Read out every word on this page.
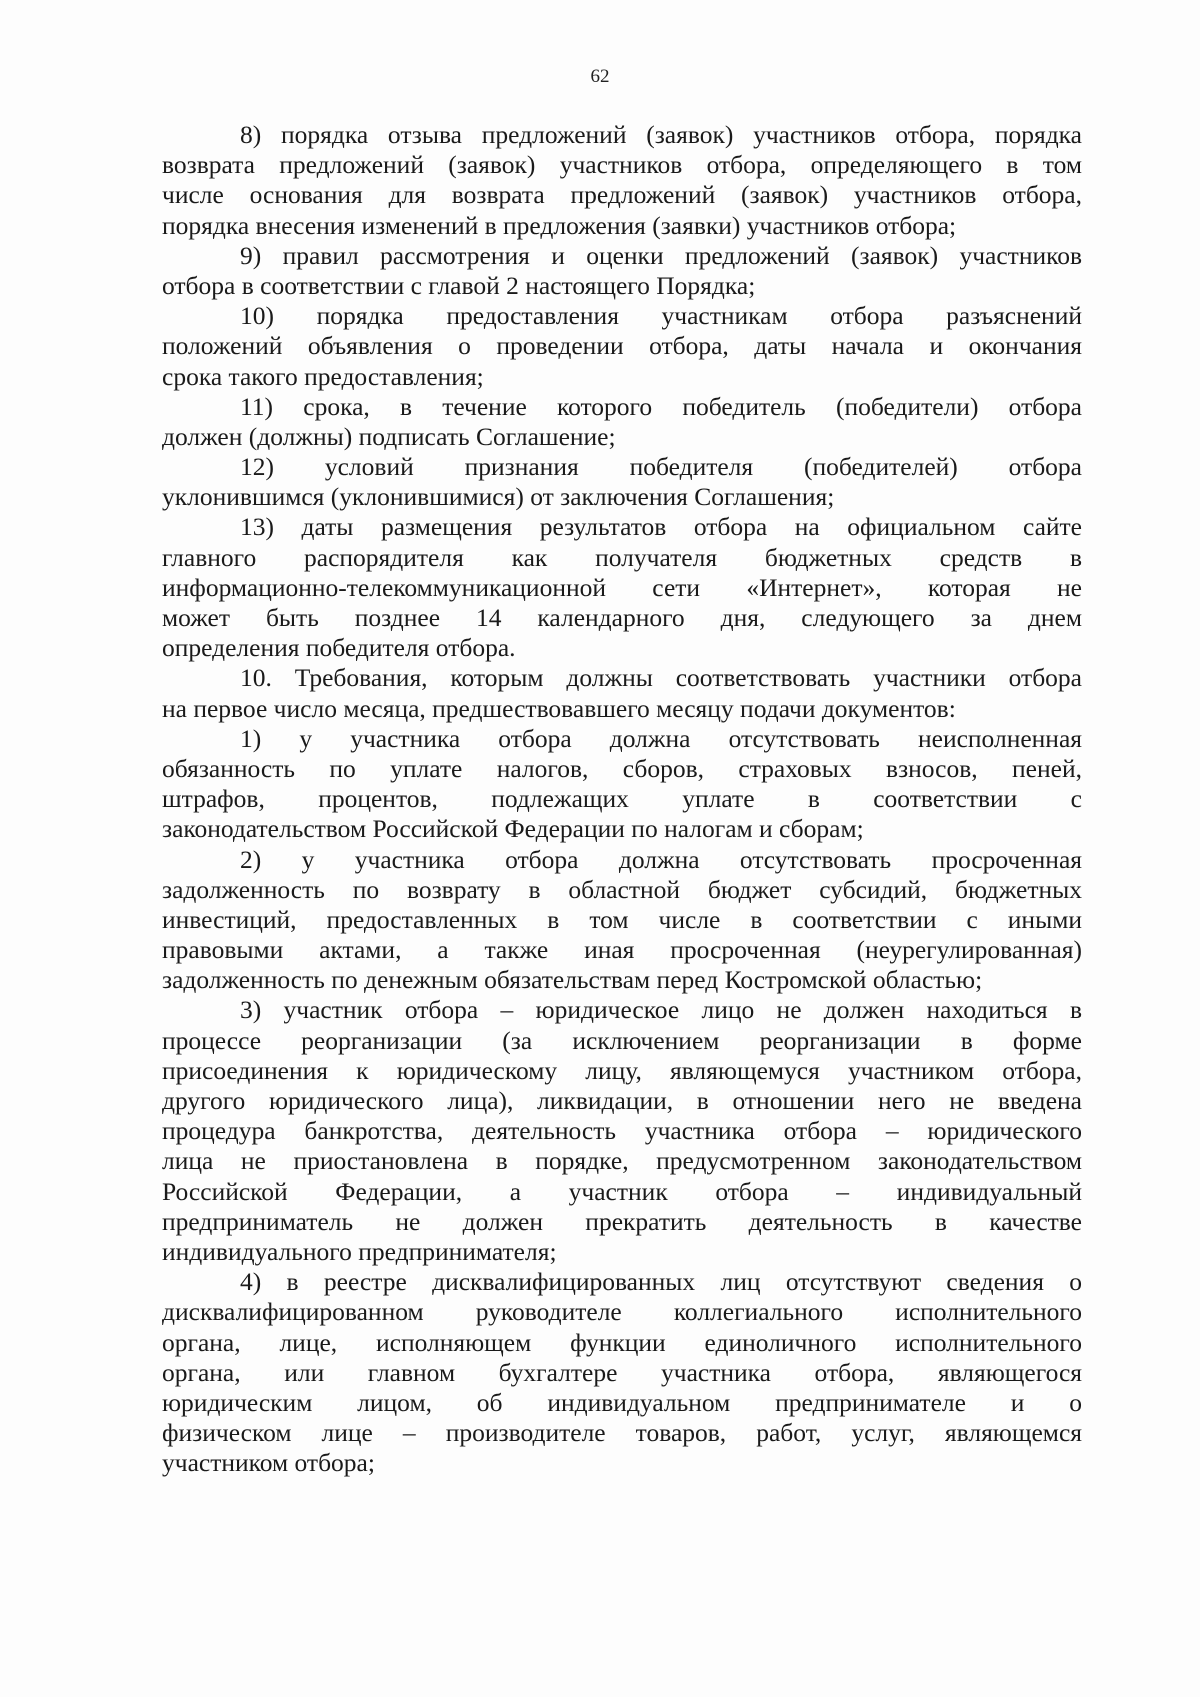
62
8) порядка отзыва предложений (заявок) участников отбора, порядка
возврата предложений (заявок) участников отбора, определяющего в том
числе основания для возврата предложений (заявок) участников отбора,
порядка внесения изменений в предложения (заявки) участников отбора;
9) правил рассмотрения и оценки предложений (заявок) участников
отбора в соответствии с главой 2 настоящего Порядка;
10) порядка предоставления участникам отбора разъяснений
положений объявления о проведении отбора, даты начала и окончания
срока такого предоставления;
11) срока, в течение которого победитель (победители) отбора
должен (должны) подписать Соглашение;
12) условий признания победителя (победителей) отбора
уклонившимся (уклонившимися) от заключения Соглашения;
13) даты размещения результатов отбора на официальном сайте
главного распорядителя как получателя бюджетных средств в
информационно-телекоммуникационной сети «Интернет», которая не
может быть позднее 14 календарного дня, следующего за днем
определения победителя отбора.
10. Требования, которым должны соответствовать участники отбора
на первое число месяца, предшествовавшего месяцу подачи документов:
1) у участника отбора должна отсутствовать неисполненная
обязанность по уплате налогов, сборов, страховых взносов, пеней,
штрафов, процентов, подлежащих уплате в соответствии с
законодательством Российской Федерации по налогам и сборам;
2) у участника отбора должна отсутствовать просроченная
задолженность по возврату в областной бюджет субсидий, бюджетных
инвестиций, предоставленных в том числе в соответствии с иными
правовыми актами, а также иная просроченная (неурегулированная)
задолженность по денежным обязательствам перед Костромской областью;
3) участник отбора – юридическое лицо не должен находиться в
процессе реорганизации (за исключением реорганизации в форме
присоединения к юридическому лицу, являющемуся участником отбора,
другого юридического лица), ликвидации, в отношении него не введена
процедура банкротства, деятельность участника отбора – юридического
лица не приостановлена в порядке, предусмотренном законодательством
Российской Федерации, а участник отбора – индивидуальный
предприниматель не должен прекратить деятельность в качестве
индивидуального предпринимателя;
4) в реестре дисквалифицированных лиц отсутствуют сведения о
дисквалифицированном руководителе коллегиального исполнительного
органа, лице, исполняющем функции единоличного исполнительного
органа, или главном бухгалтере участника отбора, являющегося
юридическим лицом, об индивидуальном предпринимателе и о
физическом лице – производителе товаров, работ, услуг, являющемся
участником отбора;
